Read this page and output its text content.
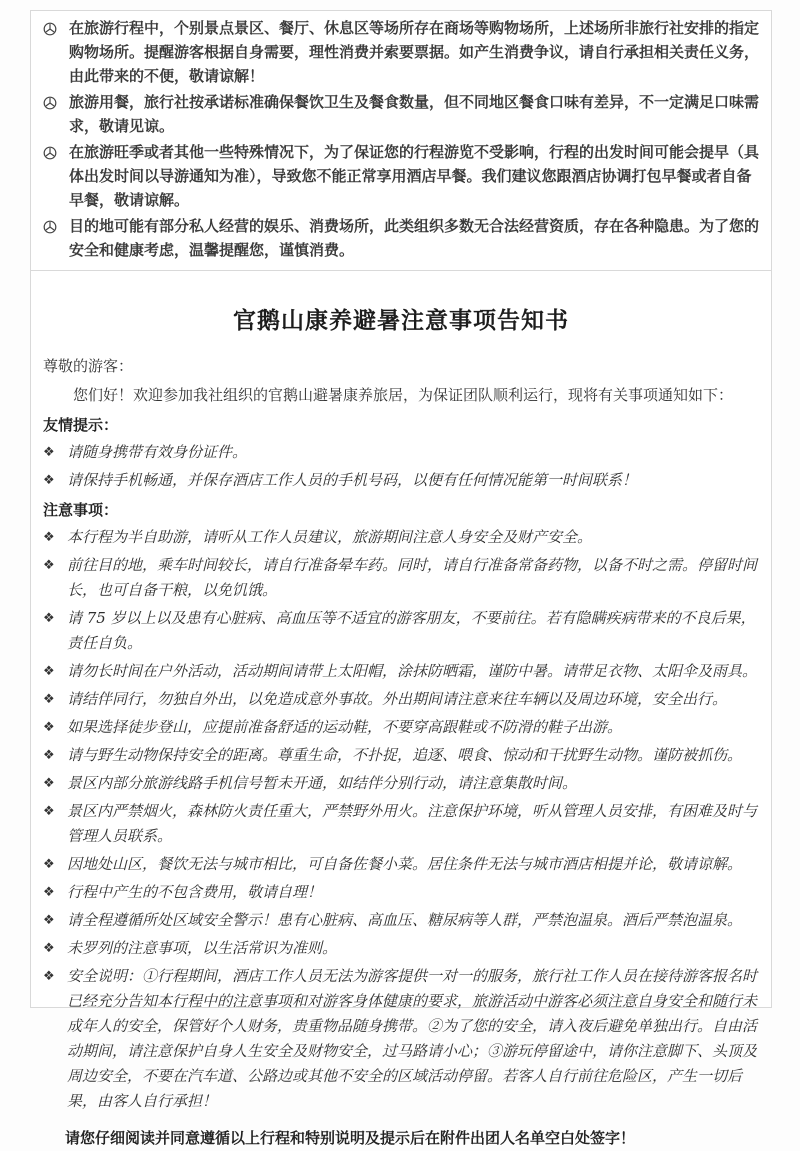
在旅游行程中，个别景点景区、餐厅、休息区等场所存在商场等购物场所，上述场所非旅行社安排的指定购物场所。提醒游客根据自身需要，理性消费并索要票据。如产生消费争议，请自行承担相关责任义务，由此带来的不便，敬请谅解！
旅游用餐，旅行社按承诺标准确保餐饮卫生及餐食数量，但不同地区餐食口味有差异，不一定满足口味需求，敬请见谅。
在旅游旺季或者其他一些特殊情况下，为了保证您的行程游览不受影响，行程的出发时间可能会提早（具体出发时间以导游通知为准），导致您不能正常享用酒店早餐。我们建议您跟酒店协调打包早餐或者自备早餐，敬请谅解。
目的地可能有部分私人经营的娱乐、消费场所，此类组织多数无合法经营资质，存在各种隐患。为了您的安全和健康考虑，温馨提醒您，谨慎消费。
官鹅山康养避暑注意事项告知书
尊敬的游客：
您们好！欢迎参加我社组织的官鹅山避暑康养旅居，为保证团队顺利运行，现将有关事项通知如下：
友情提示：
❖ 请随身携带有效身份证件。
❖ 请保持手机畅通，并保存酒店工作人员的手机号码，以便有任何情况能第一时间联系！
注意事项：
❖ 本行程为半自助游，请听从工作人员建议，旅游期间注意人身安全及财产安全。
❖ 前往目的地，乘车时间较长，请自行准备晕车药。同时，请自行准备常备药物，以备不时之需。停留时间长，也可自备干粮，以免饥饿。
❖ 请 75 岁以上以及患有心脏病、高血压等不适宜的游客朋友，不要前往。若有隐瞒疾病带来的不良后果，责任自负。
❖ 请勿长时间在户外活动，活动期间请带上太阳帽，涂抹防晒霜，谨防中暑。请带足衣物、太阳伞及雨具。
❖ 请结伴同行，勿独自外出，以免造成意外事故。外出期间请注意来往车辆以及周边环境，安全出行。
❖ 如果选择徒步登山，应提前准备舒适的运动鞋，不要穿高跟鞋或不防滑的鞋子出游。
❖ 请与野生动物保持安全的距离。尊重生命，不扑捉，追逐、喂食、惊动和干扰野生动物。谨防被抓伤。
❖ 景区内部分旅游线路手机信号暂未开通，如结伴分别行动，请注意集散时间。
❖ 景区内严禁烟火，森林防火责任重大，严禁野外用火。注意保护环境，听从管理人员安排，有困难及时与管理人员联系。
❖ 因地处山区，餐饮无法与城市相比，可自备佐餐小菜。居住条件无法与城市酒店相提并论，敬请谅解。
❖ 行程中产生的不包含费用，敬请自理！
❖ 请全程遵循所处区域安全警示！患有心脏病、高血压、糖尿病等人群，严禁泡温泉。酒后严禁泡温泉。
❖ 未罗列的注意事项，以生活常识为准则。
❖ 安全说明：①行程期间，酒店工作人员无法为游客提供一对一的服务，旅行社工作人员在接待游客报名时已经充分告知本行程中的注意事项和对游客身体健康的要求，旅游活动中游客必须注意自身安全和随行未成年人的安全，保管好个人财务，贵重物品随身携带。②为了您的安全，请入夜后避免单独出行。自由活动期间，请注意保护自身人生安全及财物安全，过马路请小心；③游玩停留途中，请你注意脚下、头顶及周边安全，不要在汽车道、公路边或其他不安全的区域活动停留。若客人自行前往危险区，产生一切后果，由客人自行承担！
请您仔细阅读并同意遵循以上行程和特别说明及提示后在附件出团人名单空白处签字！
